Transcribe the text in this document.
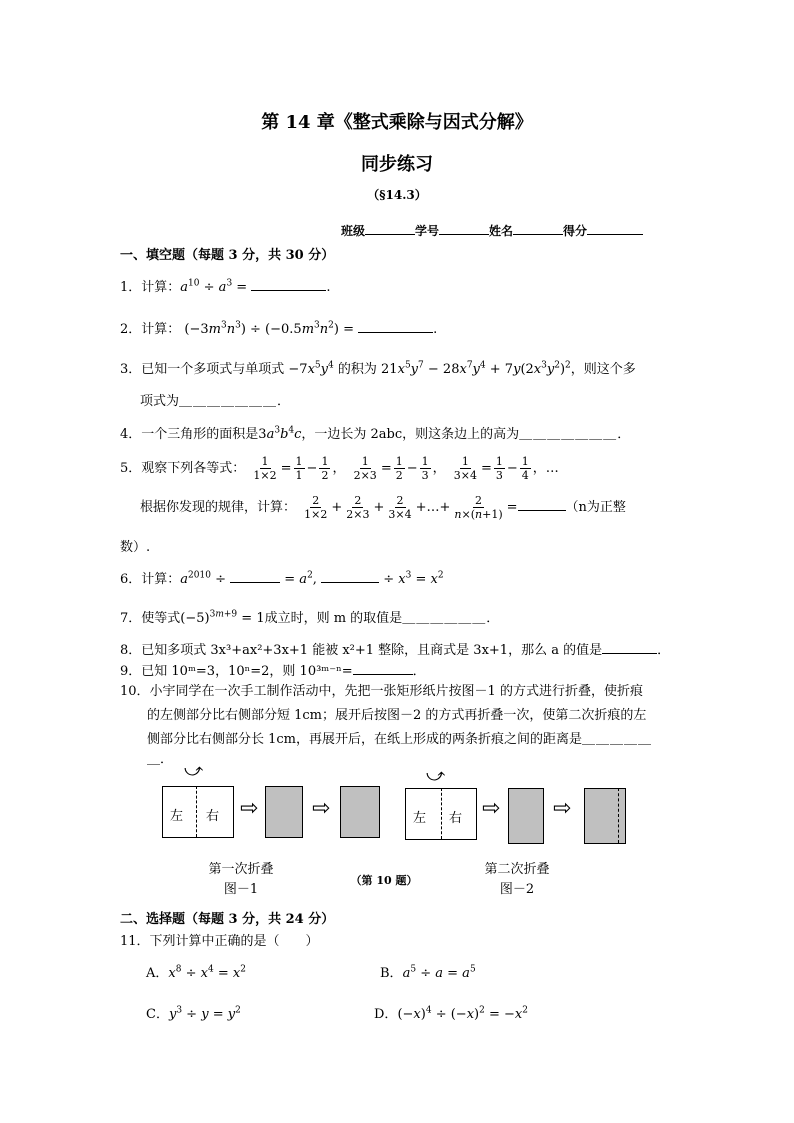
第 14 章《整式乘除与因式分解》
同步练习
（§14.3）
班级	学号	姓名	得分
一、填空题（每题 3 分，共 30 分）
1．计算：$a^{10} \div a^3$ =	.
2．计算： $(-3m^3n^3) \div (-0.5m^3n^2)$ =	.
3．已知一个多项式与单项式 $-7x^5y^4$ 的积为 $21x^5y^7 - 28x^7y^4 + 7y(2x^3y^2)^2$，则这个多
项式为＿＿＿＿＿＿＿．
4．一个三角形的面积是$3a^3b^4c$，一边长为 2abc，则这条边上的高为＿＿＿＿＿＿＿．
5．观察下列各等式： $\frac{1}{1\times 2} = \frac{1}{1} - \frac{1}{2}$ ， $\frac{1}{2\times 3} = \frac{1}{2} - \frac{1}{3}$ ， $\frac{1}{3\times 4} = \frac{1}{3} - \frac{1}{4}$ ，…
根据你发现的规律，计算： $\frac{2}{1\times 2} + \frac{2}{2\times 3} + \frac{2}{3\times 4}$ +…+ $\frac{2}{n\times(n+1)}$ =	（n为正整
数）.
6．计算：$a^{2010}$ ÷	= $a^2$,	÷ $x^3 = x^2$
7．使等式$(-5)^{3m+9} = 1$成立时，则 m 的取值是＿＿＿＿＿＿．
8．已知多项式 3x³+ax²+3x+1 能被 x²+1 整除，且商式是 3x+1，那么 a 的值是	．
9．已知 10ᵐ=3，10ⁿ=2，则 10³ᵐ⁻ⁿ=	．
10．小宇同学在一次手工制作活动中，先把一张矩形纸片按图－1 的方式进行折叠，使折痕
的左侧部分比右侧部分短 1cm；展开后按图－2 的方式再折叠一次，使第二次折痕的左
侧部分比右侧部分长 1cm，再展开后，在纸上形成的两条折痕之间的距离是＿＿＿＿＿
＿．
⤻
左 右 ⇨ ⇨
⤻
左 右 ⇨ ⇨
第一次折叠
图－1
（第 10 题）
第二次折叠
图－2
二、选择题（每题 3 分，共 24 分）
11．下列计算中正确的是（　　）
A．$x^8 \div x^4 = x^2$	B．$a^5 \div a = a^5$
C．$y^3 \div y = y^2$	D．$(-x)^4 \div (-x)^2 = -x^2$
